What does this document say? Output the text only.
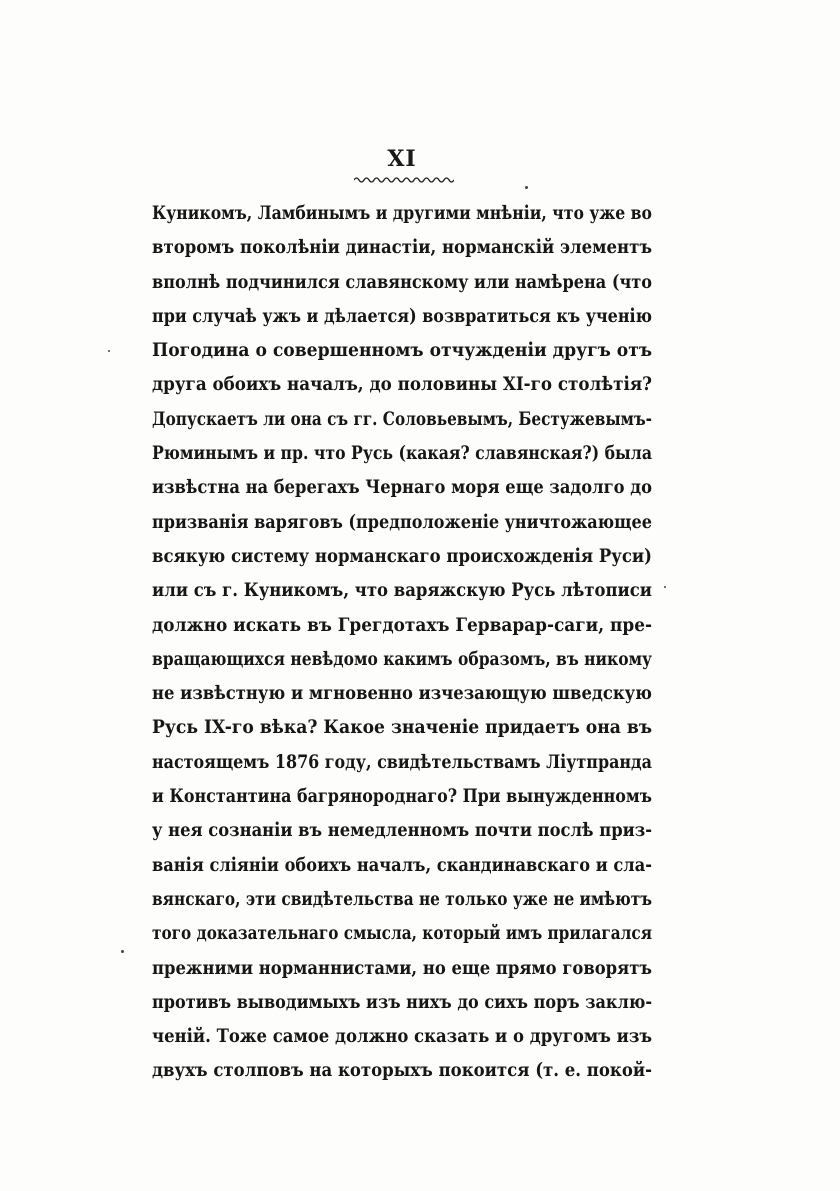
XI
Куникомъ, Ламбинымъ и другими мнѣніи, что уже во
второмъ поколѣніи династіи, норманскій элементъ
вполнѣ подчинился славянскому или намѣрена (что
при случаѣ ужъ и дѣлается) возвратиться къ ученію
Погодина о совершенномъ отчужденіи другъ отъ
друга обоихъ началъ, до половины XI-го столѣтія?
Допускаетъ ли она съ гг. Соловьевымъ, Бестужевымъ-
Рюминымъ и пр. что Русь (какая? славянская?) была
извѣстна на берегахъ Чернаго моря еще задолго до
призванія варяговъ (предположеніе уничтожающее
всякую систему норманскаго происхожденія Руси)
или съ г. Куникомъ, что варяжскую Русь лѣтописи
должно искать въ Грегдотахъ Герварар-саги, пре-
вращающихся невѣдомо какимъ образомъ, въ никому
не извѣстную и мгновенно изчезающую шведскую
Русь IX-го вѣка? Какое значеніе придаетъ она въ
настоящемъ 1876 году, свидѣтельствамъ Ліутпранда
и Константина багрянороднаго? При вынужденномъ
у нея сознаніи въ немедленномъ почти послѣ приз-
ванія сліяніи обоихъ началъ, скандинавскаго и сла-
вянскаго, эти свидѣтельства не только уже не имѣютъ
того доказательнаго смысла, который имъ прилагался
прежними норманнистами, но еще прямо говорятъ
противъ выводимыхъ изъ нихъ до сихъ поръ заклю-
ченій. Тоже самое должно сказать и о другомъ изъ
двухъ столповъ на которыхъ покоится (т. е. покой-
